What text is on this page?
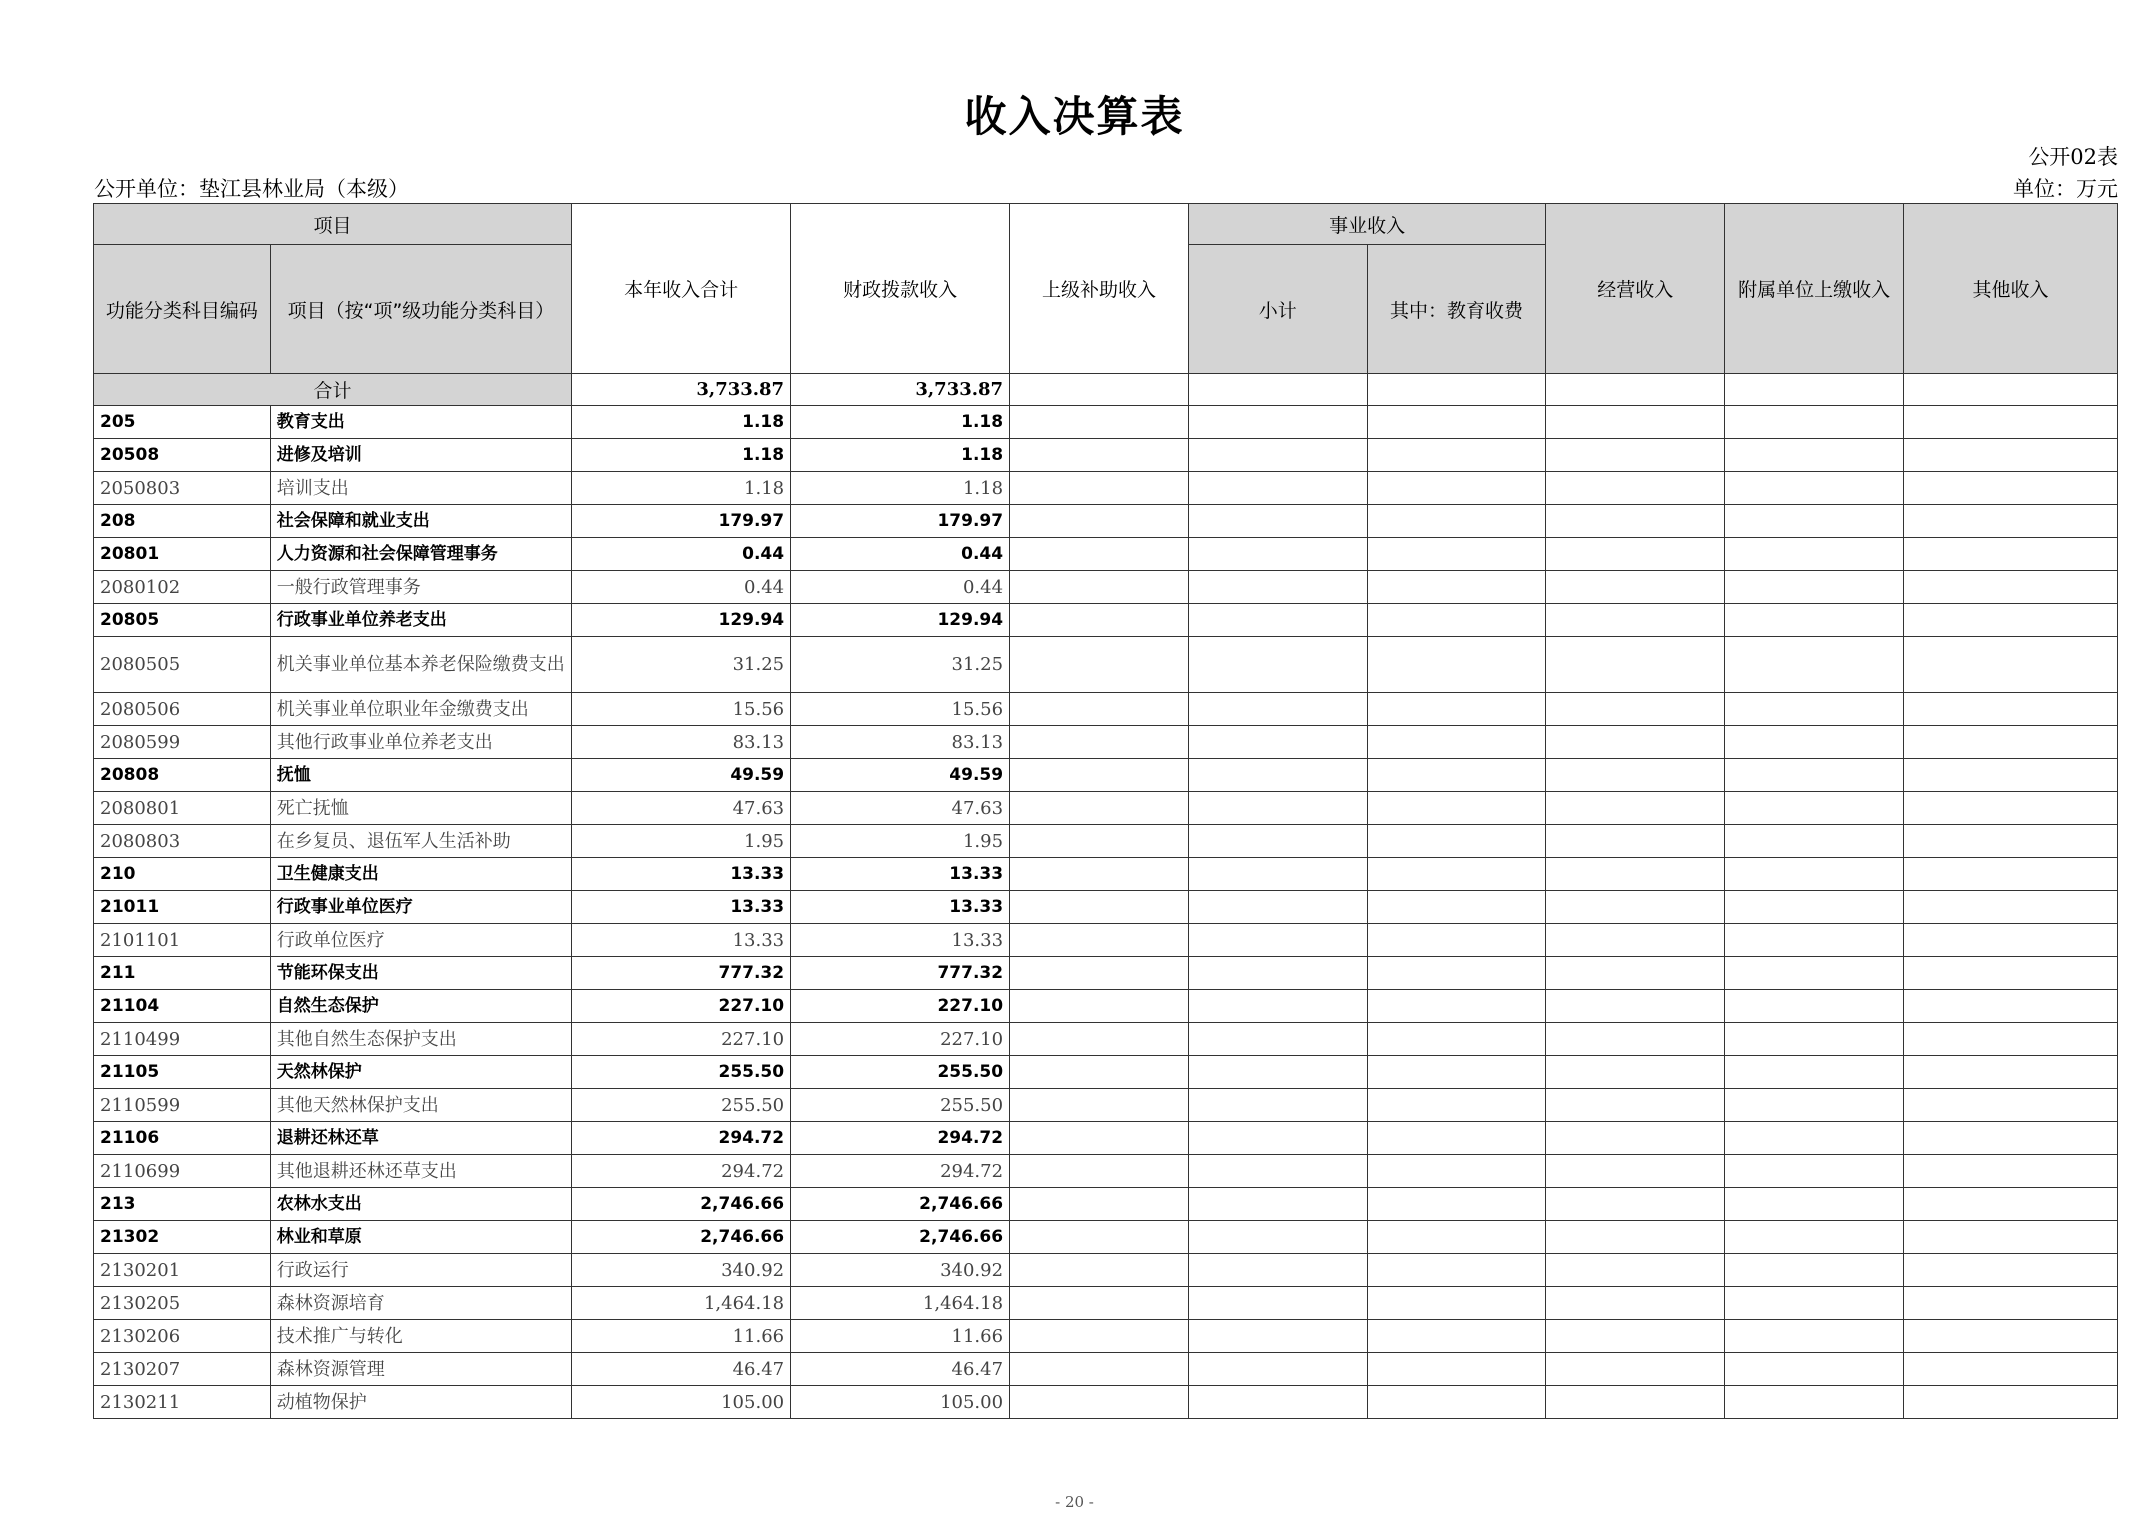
收入决算表
公开02表
公开单位：垫江县林业局（本级）	单位：万元
项目		本年收入合计	财政拨款收入	上级补助收入	事业收入		经营收入	附属单位上缴收入	其他收入
功能分类科目编码	项目（按“项”级功能分类科目）				小计	其中：教育收费			
合计		3,733.87	3,733.87						
205	教育支出	1.18	1.18						
20508	进修及培训	1.18	1.18						
2050803	培训支出	1.18	1.18						
208	社会保障和就业支出	179.97	179.97						
20801	人力资源和社会保障管理事务	0.44	0.44						
2080102	一般行政管理事务	0.44	0.44						
20805	行政事业单位养老支出	129.94	129.94						
2080505	机关事业单位基本养老保险缴费支出	31.25	31.25						
2080506	机关事业单位职业年金缴费支出	15.56	15.56						
2080599	其他行政事业单位养老支出	83.13	83.13						
20808	抚恤	49.59	49.59						
2080801	死亡抚恤	47.63	47.63						
2080803	在乡复员、退伍军人生活补助	1.95	1.95						
210	卫生健康支出	13.33	13.33						
21011	行政事业单位医疗	13.33	13.33						
2101101	行政单位医疗	13.33	13.33						
211	节能环保支出	777.32	777.32						
21104	自然生态保护	227.10	227.10						
2110499	其他自然生态保护支出	227.10	227.10						
21105	天然林保护	255.50	255.50						
2110599	其他天然林保护支出	255.50	255.50						
21106	退耕还林还草	294.72	294.72						
2110699	其他退耕还林还草支出	294.72	294.72						
213	农林水支出	2,746.66	2,746.66						
21302	林业和草原	2,746.66	2,746.66						
2130201	行政运行	340.92	340.92						
2130205	森林资源培育	1,464.18	1,464.18						
2130206	技术推广与转化	11.66	11.66						
2130207	森林资源管理	46.47	46.47						
2130211	动植物保护	105.00	105.00						
- 20 -
